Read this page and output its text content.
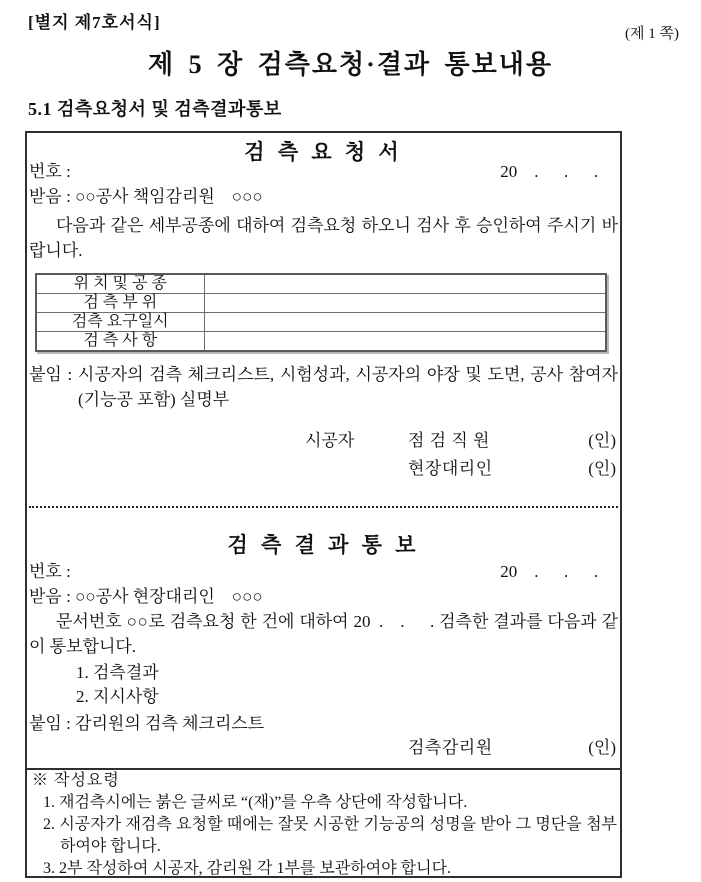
[별지 제7호서식]
(제 1 쪽)
제 5 장 검측요청·결과 통보내용
5.1 검측요청서 및 검측결과통보
검 측 요 청 서
번호 :	20 .  .  .
받음 : ○○공사 책임감리원 ○○○
다음과 같은 세부공종에 대하여 검측요청 하오니 검사 후 승인하여 주시기 바랍니다.
위 치 및 공 종	
검 측 부 위	
검측 요구일시	
검 측 사 항	
붙임 : 시공자의 검측 체크리스트, 시험성과, 시공자의 야장 및 도면, 공사 참여자(기능공 포함) 실명부
시공자	점 검 직 원	(인)
현장대리인	(인)
검 측 결 과 통 보
번호 :	20 .  .  .
받음 : ○○공사 현장대리인 ○○○
문서번호 ○○로 검측요청 한 건에 대하여 20 . .  . 검측한 결과를 다음과 같이 통보합니다.
1. 검측결과
2. 지시사항
붙임 : 감리원의 검측 체크리스트
검측감리원	(인)
※ 작성요령
1. 재검측시에는 붉은 글씨로 “(재)”를 우측 상단에 작성합니다.
2. 시공자가 재검측 요청할 때에는 잘못 시공한 기능공의 성명을 받아 그 명단을 첨부하여야 합니다.
3. 2부 작성하여 시공자, 감리원 각 1부를 보관하여야 합니다.
